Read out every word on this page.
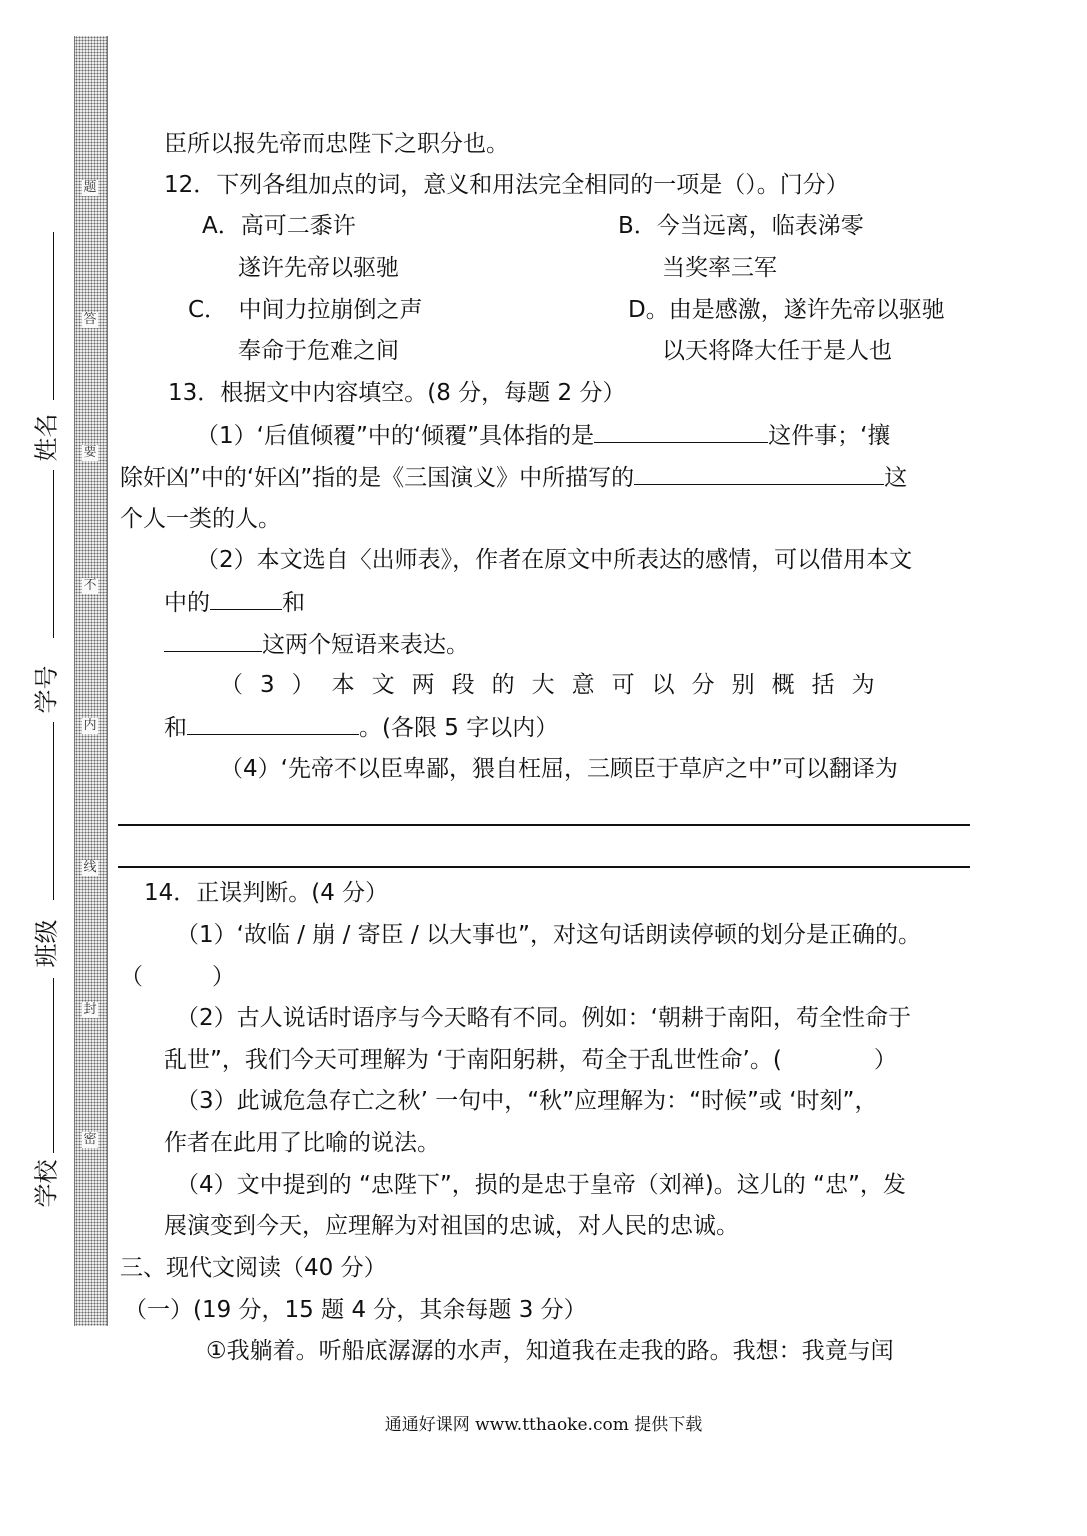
题
答
要
不
内
线
封
密
姓名
学号
班级
学校
臣所以报先帝而忠陛下之职分也。
12．下列各组加点的词，意义和用法完全相同的一项是（）。门分）
A．高可二黍许
遂许先帝以驱驰
B．今当远离，临表涕零
当奖率三军
C．　中间力拉崩倒之声
奉命于危难之间
D。由是感激，遂许先帝以驱驰
以天将降大任于是人也
13．根据文中内容填空。(8 分，每题 2 分）
（1）‘后值倾覆”中的‘倾覆”具体指的是	这件事；‘攘
除奸凶”中的‘奸凶”指的是《三国演义》中所描写的	这
个人一类的人。
（2）本文选自〈出师表》，作者在原文中所表达的感情，可以借用本文
中的	和
这两个短语来表达。
（3）本文两段的大意可以分别概括为
和	。(各限 5 字以内）
（4）‘先帝不以臣卑鄙，猥自枉屈，三顾臣于草庐之中”可以翻译为
14．正误判断。(4 分）
（1）‘故临 / 崩 / 寄臣 / 以大事也”，对这句话朗读停顿的划分是正确的。
（　　　）
（2）古人说话时语序与今天略有不同。例如：‘朝耕于南阳，苟全性命于
乱世”，我们今天可理解为 ‘于南阳躬耕，苟全于乱世性命’。(　　　　）
（3）此诚危急存亡之秋’ 一句中，“秋”应理解为：“时候”或 ‘时刻”，
作者在此用了比喻的说法。
（4）文中提到的 “忠陛下”，损的是忠于皇帝（刘禅)。这儿的 “忠”，发
展演变到今天，应理解为对祖国的忠诚，对人民的忠诚。
三、现代文阅读（40 分）
（一）(19 分，15 题 4 分，其余每题 3 分）
①我躺着。听船底潺潺的水声，知道我在走我的路。我想：我竟与闰
通通好课网 www.tthaoke.com 提供下载
